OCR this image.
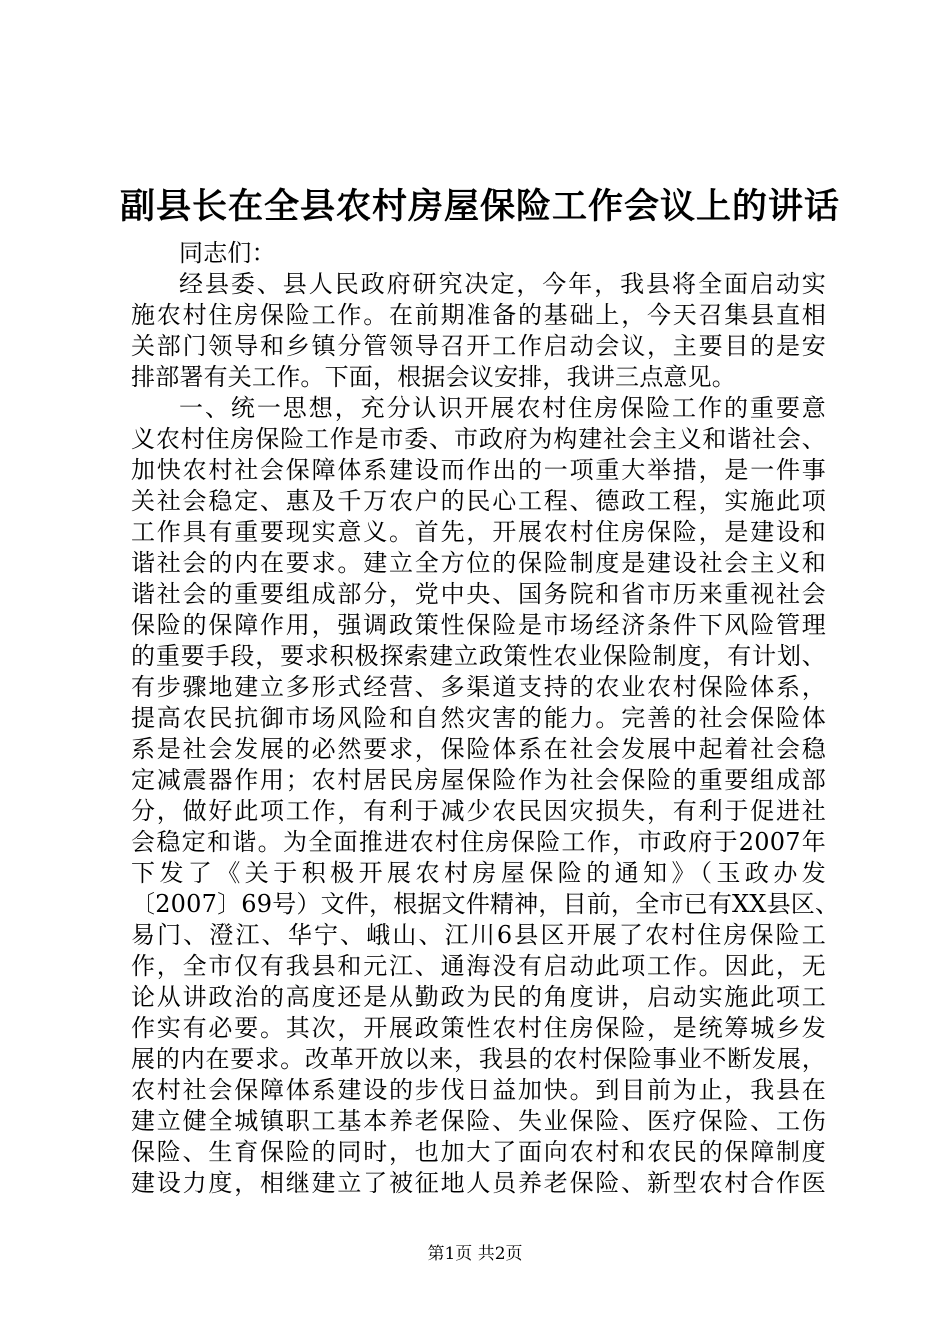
副县长在全县农村房屋保险工作会议上的讲话
同志们：
经县委、县人民政府研究决定，今年，我县将全面启动实
施农村住房保险工作。在前期准备的基础上，今天召集县直相
关部门领导和乡镇分管领导召开工作启动会议，主要目的是安
排部署有关工作。下面，根据会议安排，我讲三点意见。
一、统一思想，充分认识开展农村住房保险工作的重要意
义农村住房保险工作是市委、市政府为构建社会主义和谐社会、
加快农村社会保障体系建设而作出的一项重大举措，是一件事
关社会稳定、惠及千万农户的民心工程、德政工程，实施此项
工作具有重要现实意义。首先，开展农村住房保险，是建设和
谐社会的内在要求。建立全方位的保险制度是建设社会主义和
谐社会的重要组成部分，党中央、国务院和省市历来重视社会
保险的保障作用，强调政策性保险是市场经济条件下风险管理
的重要手段，要求积极探索建立政策性农业保险制度，有计划、
有步骤地建立多形式经营、多渠道支持的农业农村保险体系，
提高农民抗御市场风险和自然灾害的能力。完善的社会保险体
系是社会发展的必然要求，保险体系在社会发展中起着社会稳
定减震器作用；农村居民房屋保险作为社会保险的重要组成部
分，做好此项工作，有利于减少农民因灾损失，有利于促进社
会稳定和谐。为全面推进农村住房保险工作，市政府于2007年
下发了《关于积极开展农村房屋保险的通知》（玉政办发
〔2007〕69号）文件，根据文件精神，目前，全市已有XX县区、
易门、澄江、华宁、峨山、江川6县区开展了农村住房保险工
作，全市仅有我县和元江、通海没有启动此项工作。因此，无
论从讲政治的高度还是从勤政为民的角度讲，启动实施此项工
作实有必要。其次，开展政策性农村住房保险，是统筹城乡发
展的内在要求。改革开放以来，我县的农村保险事业不断发展，
农村社会保障体系建设的步伐日益加快。到目前为止，我县在
建立健全城镇职工基本养老保险、失业保险、医疗保险、工伤
保险、生育保险的同时，也加大了面向农村和农民的保障制度
建设力度，相继建立了被征地人员养老保险、新型农村合作医
第1页 共2页
